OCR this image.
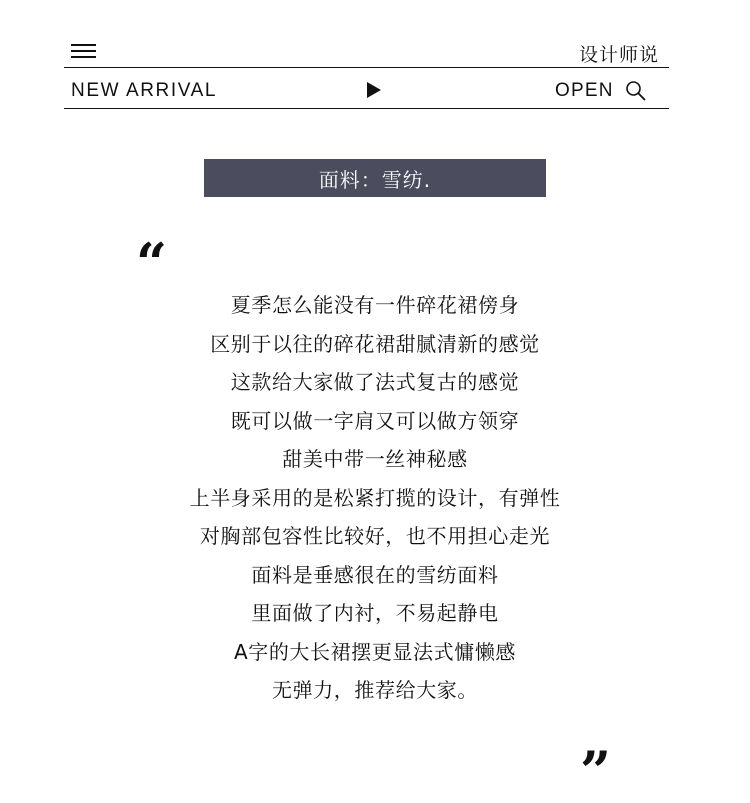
设计师说
NEW ARRIVAL	OPEN
面料：雪纺.
“
夏季怎么能没有一件碎花裙傍身
区别于以往的碎花裙甜腻清新的感觉
这款给大家做了法式复古的感觉
既可以做一字肩又可以做方领穿
甜美中带一丝神秘感
上半身采用的是松紧打揽的设计，有弹性
对胸部包容性比较好，也不用担心走光
面料是垂感很在的雪纺面料
里面做了内衬，不易起静电
A字的大长裙摆更显法式慵懒感
无弹力，推荐给大家。
”
